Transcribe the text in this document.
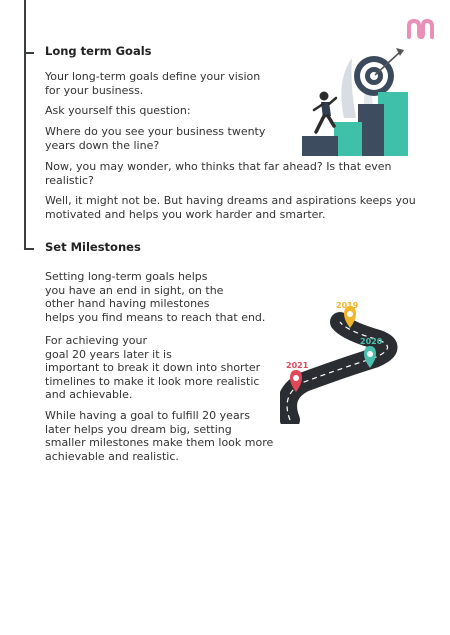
Long term Goals

Your long-term goals define your vision
for your business.

Ask yourself this question:

Where do you see your business twenty
years down the line?

Now, you may wonder, who thinks that far ahead? Is that even
realistic?

Well, it might not be. But having dreams and aspirations keeps you
motivated and helps you work harder and smarter.

Set Milestones

Setting long-term goals helps
you have an end in sight, on the
other hand having milestones
helps you find means to reach that end.

For achieving your
goal 20 years later it is
important to break it down into shorter
timelines to make it look more realistic
and achievable.

While having a goal to fulfill 20 years
later helps you dream big, setting
smaller milestones make them look more
achievable and realistic.

2019
2020
2021
